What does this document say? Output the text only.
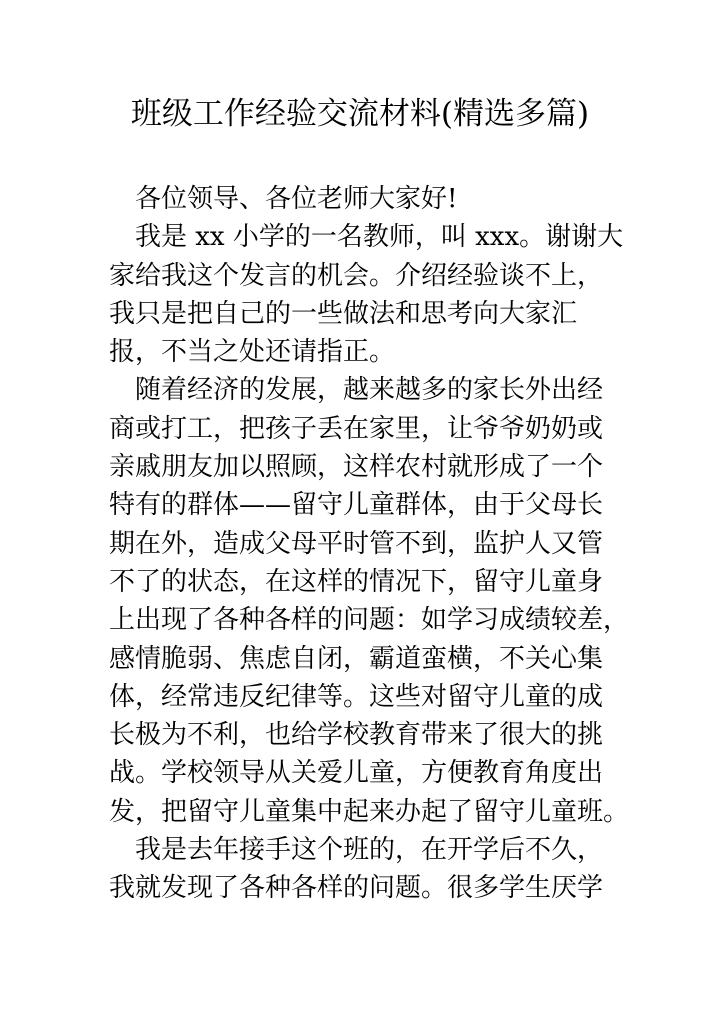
班级工作经验交流材料(精选多篇)
各位领导、各位老师大家好!
我是 xx 小学的一名教师，叫 xxx。谢谢大
家给我这个发言的机会。介绍经验谈不上，
我只是把自己的一些做法和思考向大家汇
报，不当之处还请指正。
随着经济的发展，越来越多的家长外出经
商或打工，把孩子丢在家里，让爷爷奶奶或
亲戚朋友加以照顾，这样农村就形成了一个
特有的群体——留守儿童群体，由于父母长
期在外，造成父母平时管不到，监护人又管
不了的状态，在这样的情况下，留守儿童身
上出现了各种各样的问题：如学习成绩较差，
感情脆弱、焦虑自闭，霸道蛮横，不关心集
体，经常违反纪律等。这些对留守儿童的成
长极为不利，也给学校教育带来了很大的挑
战。学校领导从关爱儿童，方便教育角度出
发，把留守儿童集中起来办起了留守儿童班。
我是去年接手这个班的，在开学后不久，
我就发现了各种各样的问题。很多学生厌学
